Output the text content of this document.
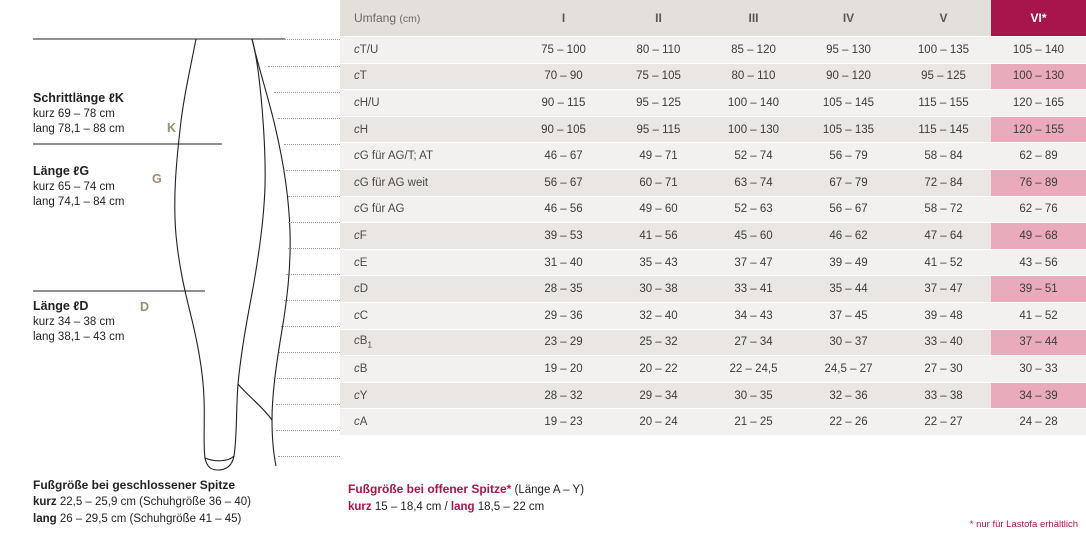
Schrittlänge ℓK
kurz 69 – 78 cm
lang 78,1 – 88 cm	K
Länge ℓG
kurz 65 – 74 cm
lang 74,1 – 84 cm
G
Länge ℓD
kurz 34 – 38 cm
lang 38,1 – 43 cm
D
Fußgröße bei geschlossener Spitze
kurz 22,5 – 25,9 cm (Schuhgröße 36 – 40)
lang 26 – 29,5 cm (Schuhgröße 41 – 45)
Umfang (cm)	I	II	III	IV	V	VI*
cT/U	75 – 100	80 – 110	85 – 120	95 – 130	100 – 135	105 – 140
cT	70 – 90	75 – 105	80 – 110	90 – 120	95 – 125	100 – 130
cH/U	90 – 115	95 – 125	100 – 140	105 – 145	115 – 155	120 – 165
cH	90 – 105	95 – 115	100 – 130	105 – 135	115 – 145	120 – 155
cG für AG/T; AT	46 – 67	49 – 71	52 – 74	56 – 79	58 – 84	62 – 89
cG für AG weit	56 – 67	60 – 71	63 – 74	67 – 79	72 – 84	76 – 89
cG für AG	46 – 56	49 – 60	52 – 63	56 – 67	58 – 72	62 – 76
cF	39 – 53	41 – 56	45 – 60	46 – 62	47 – 64	49 – 68
cE	31 – 40	35 – 43	37 – 47	39 – 49	41 – 52	43 – 56
cD	28 – 35	30 – 38	33 – 41	35 – 44	37 – 47	39 – 51
cC	29 – 36	32 – 40	34 – 43	37 – 45	39 – 48	41 – 52
$cB_1$	23 – 29	25 – 32	27 – 34	30 – 37	33 – 40	37 – 44
cB	19 – 20	20 – 22	22 – 24,5	24,5 – 27	27 – 30	30 – 33
cY	28 – 32	29 – 34	30 – 35	32 – 36	33 – 38	34 – 39
cA	19 – 23	20 – 24	21 – 25	22 – 26	22 – 27	24 – 28
Fußgröße bei offener Spitze* (Länge A – Y)
kurz 15 – 18,4 cm / lang 18,5 – 22 cm
* nur für Lastofa erhältlich
